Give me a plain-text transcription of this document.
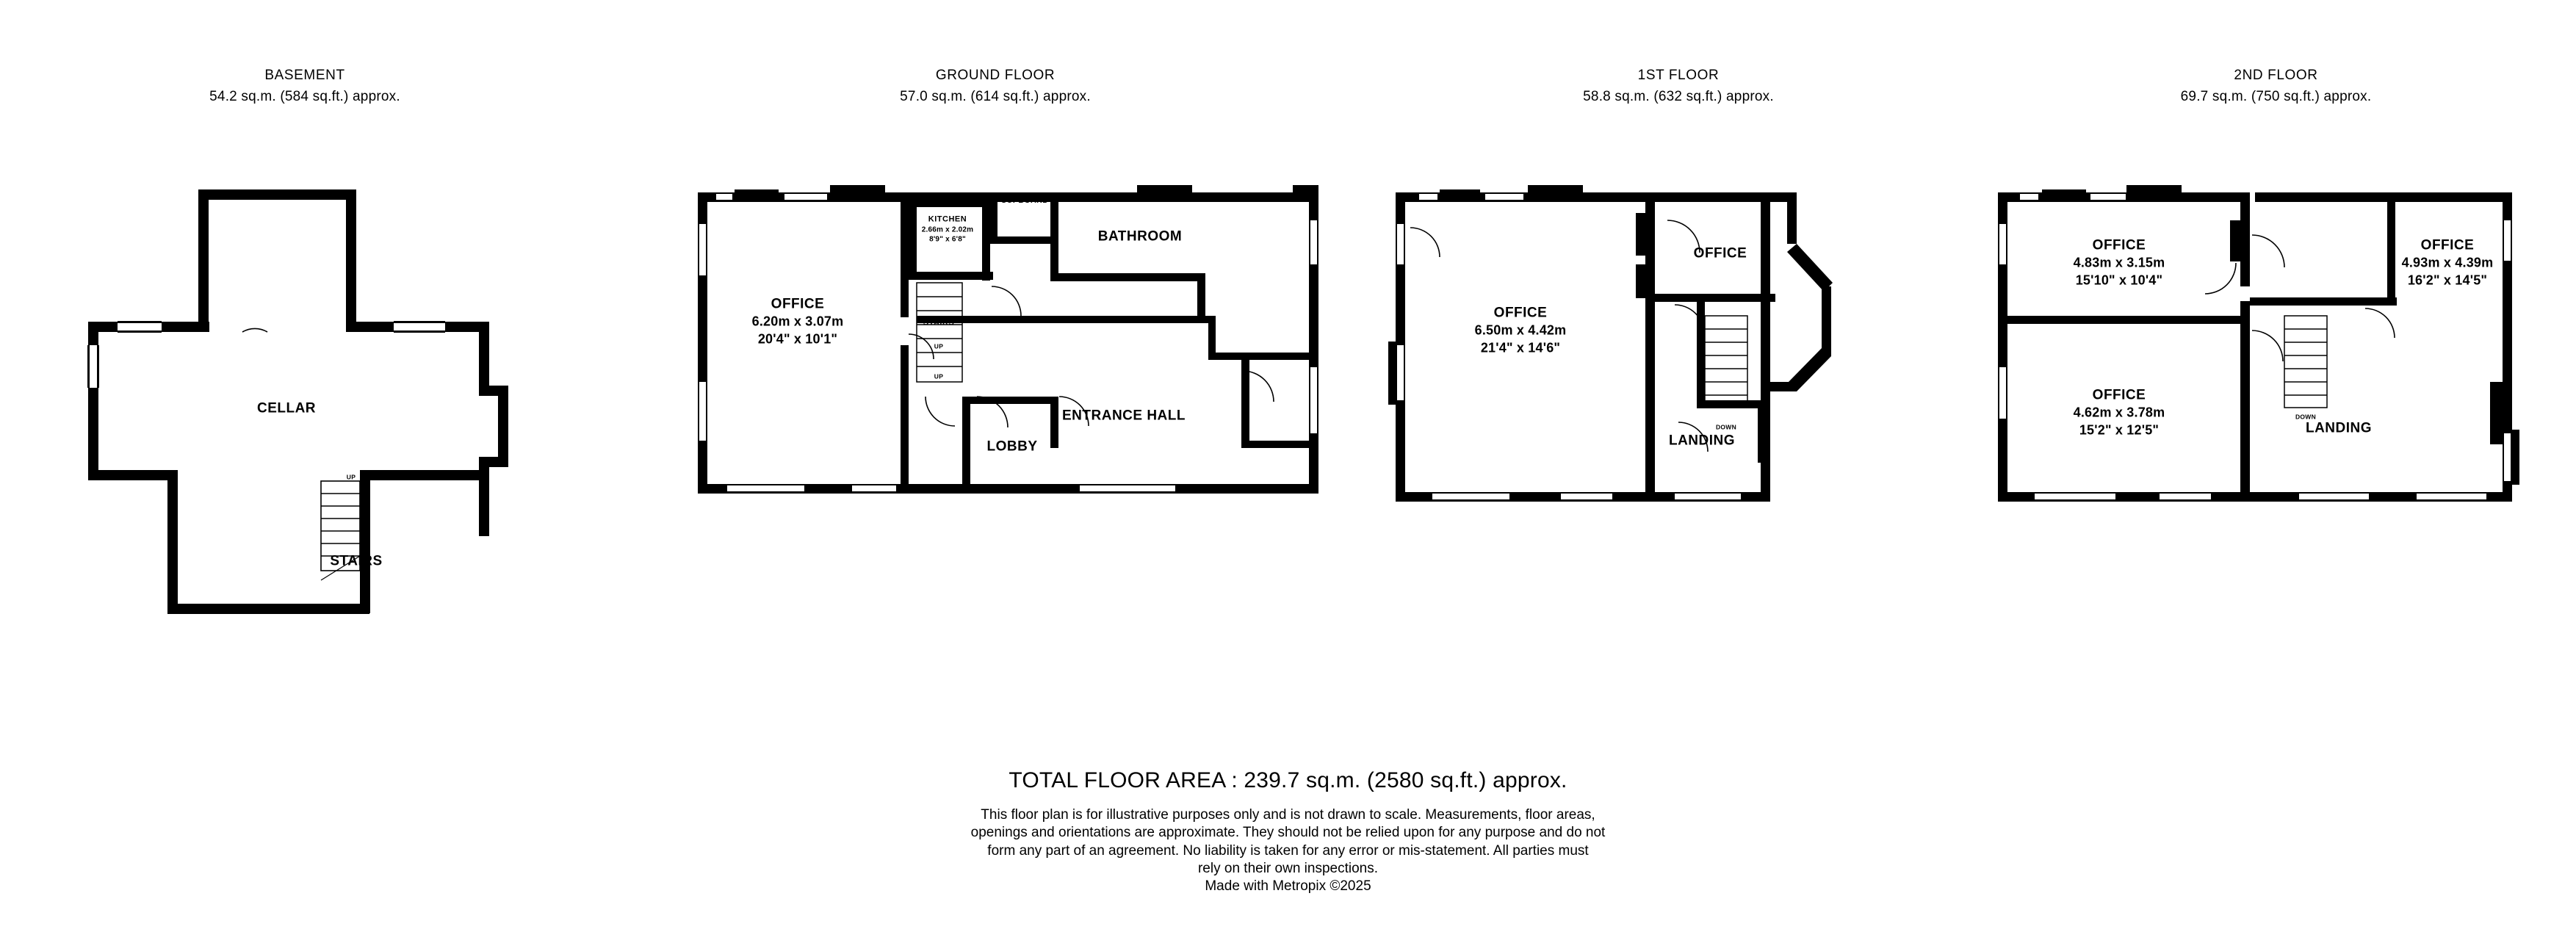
BASEMENT
54.2 sq.m. (584 sq.ft.) approx.
CELLAR
STAIRS
UP
GROUND FLOOR
57.0 sq.m. (614 sq.ft.) approx.
OFFICE
6.20m x 3.07m
20'4" x 10'1"
KITCHEN
2.66m x 2.02m
8'9" x 6'8"
CUPBOARD
BATHROOM
STAIRS
ENTRANCE HALL
LOBBY
UP
UP
1ST FLOOR
58.8 sq.m. (632 sq.ft.) approx.
OFFICE
6.50m x 4.42m
21'4" x 14'6"
OFFICE
LANDING
DOWN
2ND FLOOR
69.7 sq.m. (750 sq.ft.) approx.
OFFICE
4.83m x 3.15m
15'10" x 10'4"
OFFICE
4.93m x 4.39m
16'2" x 14'5"
OFFICE
4.62m x 3.78m
15'2" x 12'5"	LANDING
DOWN
TOTAL FLOOR AREA : 239.7 sq.m. (2580 sq.ft.) approx.
This floor plan is for illustrative purposes only and is not drawn to scale. Measurements, floor areas,
openings and orientations are approximate. They should not be relied upon for any purpose and do not
form any part of an agreement. No liability is taken for any error or mis-statement. All parties must
rely on their own inspections.
Made with Metropix ©2025
